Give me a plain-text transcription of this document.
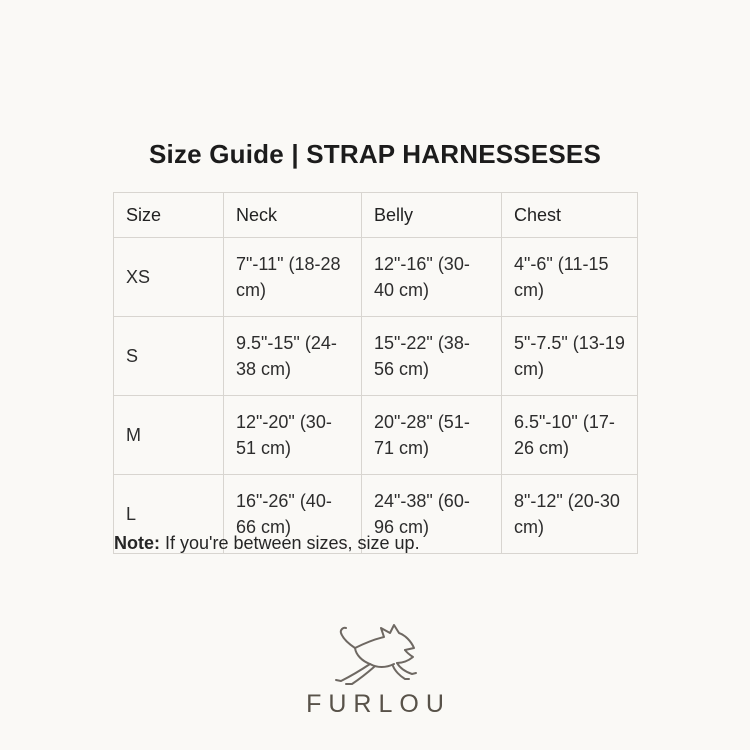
Size Guide | STRAP HARNESSESES
Size	Neck	Belly	Chest
XS	7"-11" (18-28 cm)	12"-16" (30-40 cm)	4"-6" (11-15 cm)
S	9.5"-15" (24-38 cm)	15"-22" (38-56 cm)	5"-7.5" (13-19 cm)
M	12"-20" (30-51 cm)	20"-28" (51-71 cm)	6.5"-10" (17-26 cm)
L	16"-26" (40-66 cm)	24"-38" (60-96 cm)	8"-12" (20-30 cm)

Note: If you're between sizes, size up.

FURLOU
